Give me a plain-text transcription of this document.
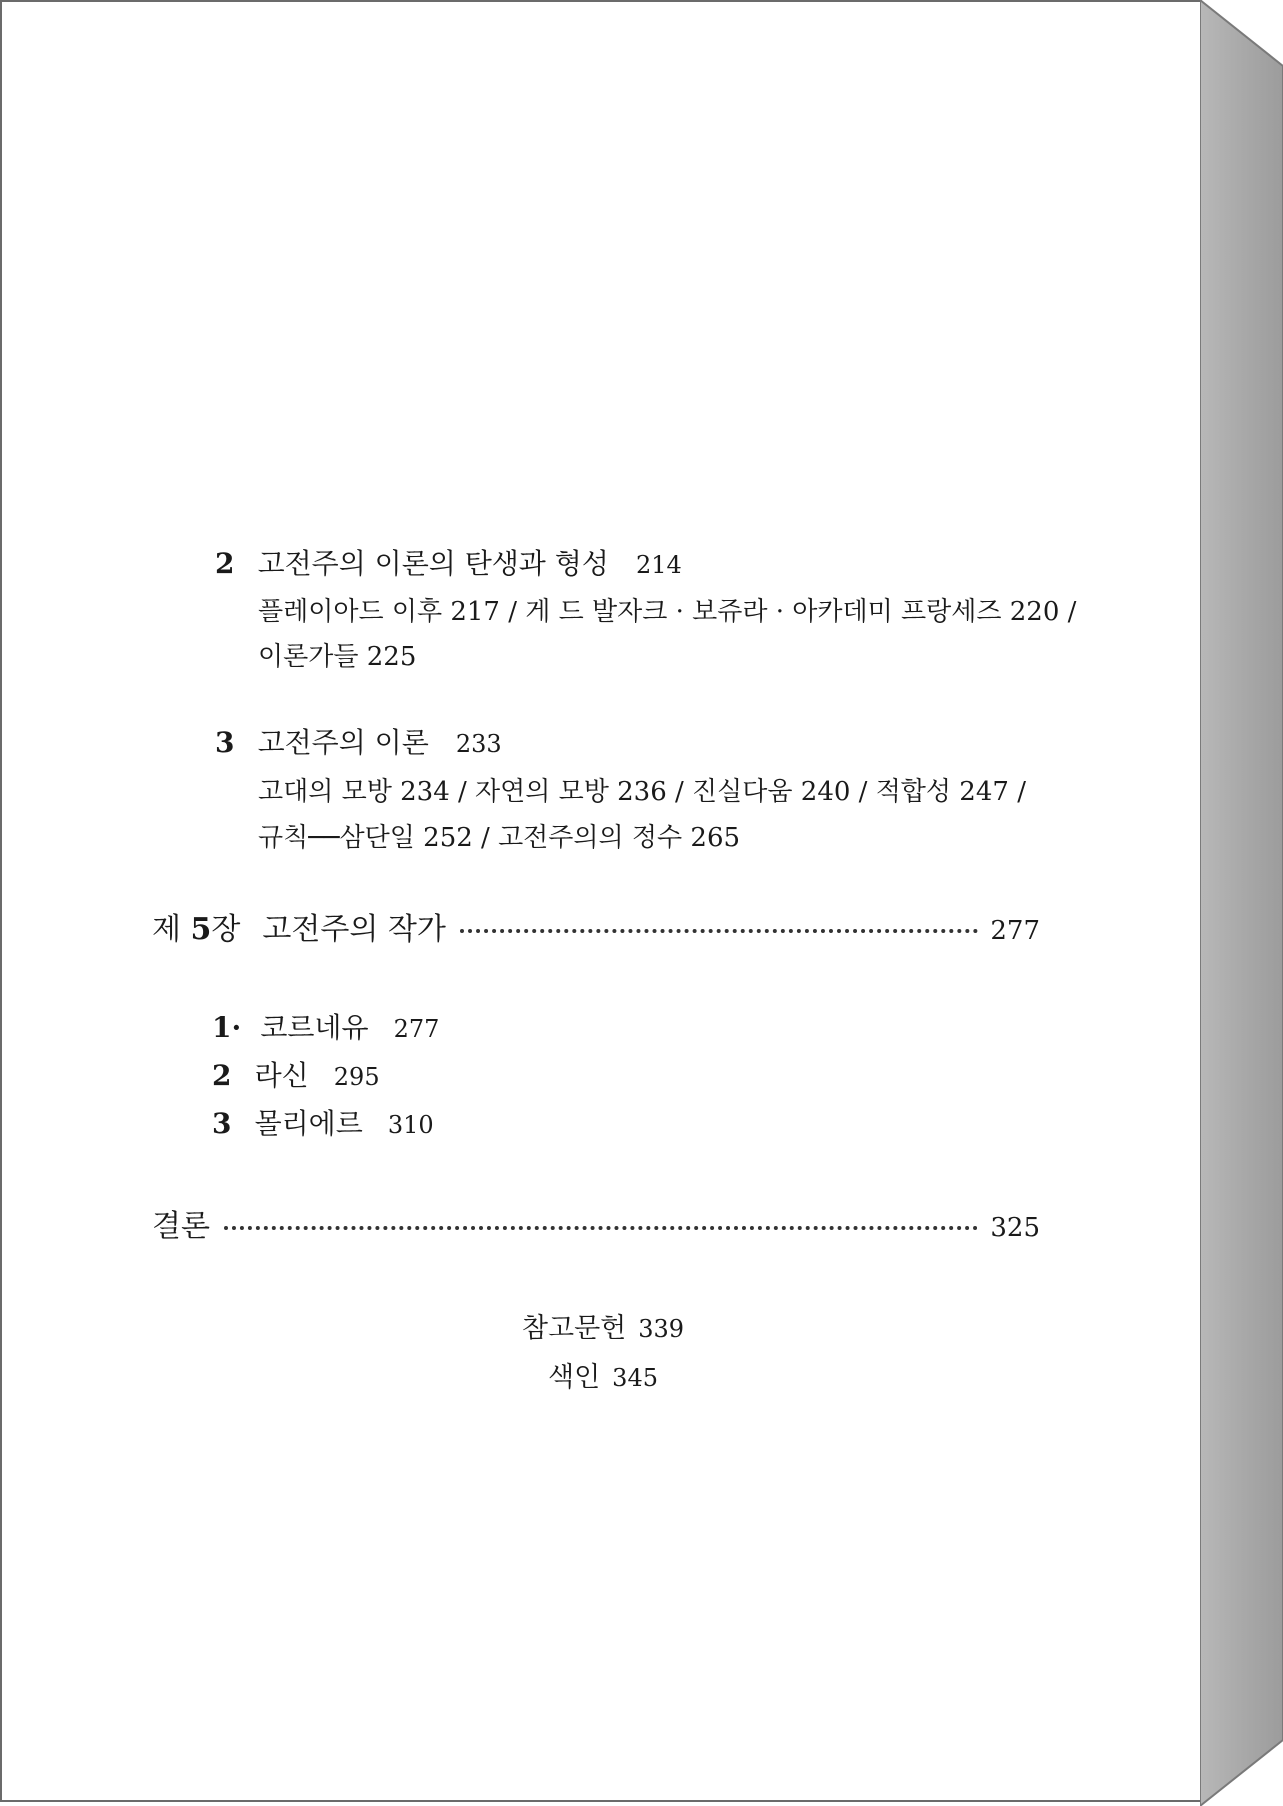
2 고전주의 이론의 탄생과 형성 214
플레이아드 이후 217 / 게 드 발자크 · 보쥬라 · 아카데미 프랑세즈 220 /
이론가들 225
3 고전주의 이론 233
고대의 모방 234 / 자연의 모방 236 / 진실다움 240 / 적합성 247 /
규칙──삼단일 252 / 고전주의의 정수 265
제 5장 고전주의 작가	277
1· 코르네유 277
2 라신 295
3 몰리에르 310
결론	325
참고문헌 339
색인 345
